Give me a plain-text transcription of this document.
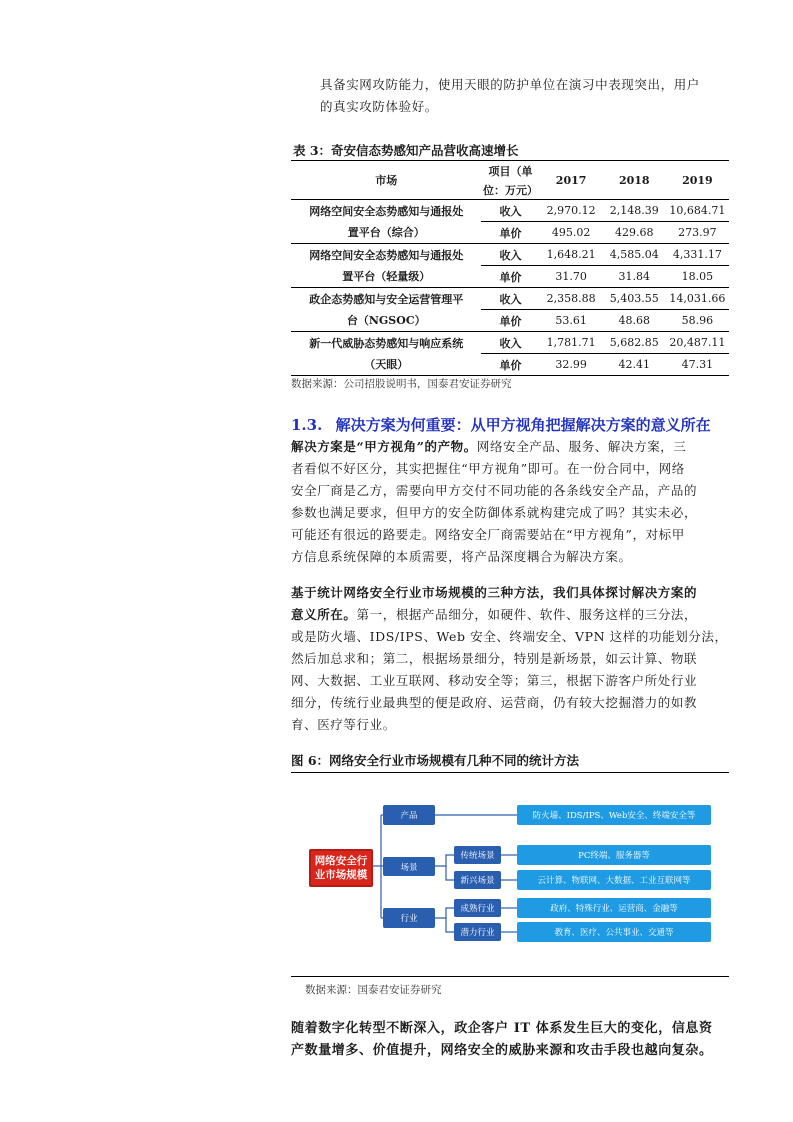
具备实网攻防能力，使用天眼的防护单位在演习中表现突出，用户
的真实攻防体验好。
表 3：奇安信态势感知产品营收高速增长
市场	项目（单	2017	2018	2019
	位：万元）			
网络空间安全态势感知与通报处	收入	2,970.12	2,148.39	10,684.71
置平台（综合）	单价	495.02	429.68	273.97
网络空间安全态势感知与通报处	收入	1,648.21	4,585.04	4,331.17
置平台（轻量级）	单价	31.70	31.84	18.05
政企态势感知与安全运营管理平	收入	2,358.88	5,403.55	14,031.66
台（NGSOC）	单价	53.61	48.68	58.96
新一代威胁态势感知与响应系统	收入	1,781.71	5,682.85	20,487.11
（天眼）	单价	32.99	42.41	47.31
数据来源：公司招股说明书，国泰君安证券研究
1.3. 解决方案为何重要：从甲方视角把握解决方案的意义所在
解决方案是“甲方视角”的产物。网络安全产品、服务、解决方案，三
者看似不好区分，其实把握住“甲方视角”即可。在一份合同中，网络
安全厂商是乙方，需要向甲方交付不同功能的各条线安全产品，产品的
参数也满足要求，但甲方的安全防御体系就构建完成了吗？其实未必，
可能还有很远的路要走。网络安全厂商需要站在“甲方视角”，对标甲
方信息系统保障的本质需要，将产品深度耦合为解决方案。
基于统计网络安全行业市场规模的三种方法，我们具体探讨解决方案的
意义所在。第一，根据产品细分，如硬件、软件、服务这样的三分法，
或是防火墙、IDS/IPS、Web 安全、终端安全、VPN 这样的功能划分法，
然后加总求和；第二，根据场景细分，特别是新场景，如云计算、物联
网、大数据、工业互联网、移动安全等；第三，根据下游客户所处行业
细分，传统行业最典型的便是政府、运营商，仍有较大挖掘潜力的如教
育、医疗等行业。
图 6：网络安全行业市场规模有几种不同的统计方法
网络安全行
业市场规模
产品
场景
行业
传统场景
新兴场景
成熟行业
潜力行业
防火墙、IDS/IPS、Web安全、终端安全等
PC终端、服务器等
云计算、物联网、大数据、工业互联网等
政府、特殊行业、运营商、金融等
教育、医疗、公共事业、交通等
数据来源：国泰君安证券研究
随着数字化转型不断深入，政企客户 IT 体系发生巨大的变化，信息资
产数量增多、价值提升，网络安全的威胁来源和攻击手段也越向复杂。
